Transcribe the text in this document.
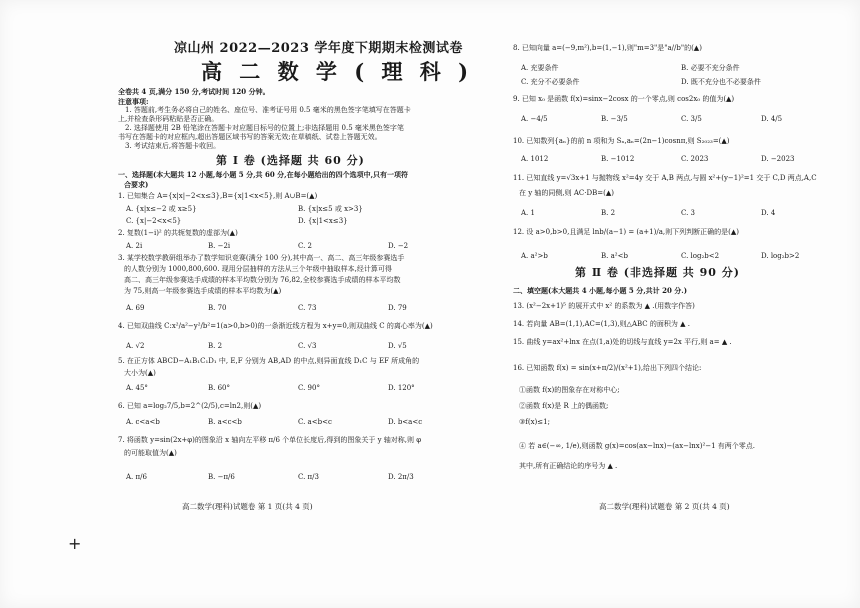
凉山州 2022—2023 学年度下期期末检测试卷
高 二 数 学 ( 理 科 )
全卷共 4 页,满分 150 分,考试时间 120 分钟。
注意事项:
1. 答题前,考生务必将自己的姓名、座位号、准考证号用 0.5 毫米的黑色签字笔填写在答题卡
上,并检查条形码粘贴是否正确。
2. 选择题使用 2B 铅笔涂在答题卡对应题目标号的位置上;非选择题用 0.5 毫米黑色签字笔
书写在答题卡的对应框内,超出答题区域书写的答案无效;在草稿纸、试卷上答题无效。
3. 考试结束后,将答题卡收回。
第 Ⅰ 卷 (选择题 共 60 分)
一、选择题(本大题共 12 小题,每小题 5 分,共 60 分,在每小题给出的四个选项中,只有一项符
合要求)
1. 已知集合 A={x|x|−2<x≤3},B={x|1<x<5},则 A∪B=(▲)
A. {x|x≤−2 或 x≥5}	B. {x|x≤5 或 x>3}
C. {x|−2<x<5}	D. {x|1<x≤3}
2. 复数(1−i)² 的共轭复数的虚部为(▲)
A. 2i	B. −2i	C. 2	D. −2
3. 某学校数学教研组举办了数学知识竞赛(满分 100 分),其中高一、高二、高三年级参赛选手
的人数分别为 1000,800,600. 现用分层抽样的方法从三个年级中抽取样本,经计算可得
高二、高三年级参赛选手成绩的样本平均数分别为 76,82,全校参赛选手成绩的样本平均数
为 75,则高一年级参赛选手成绩的样本平均数为(▲)
A. 69	B. 70	C. 73	D. 79
4. 已知双曲线 C:x²/a²−y²/b²=1(a>0,b>0)的一条渐近线方程为 x+y=0,则双曲线 C 的离心率为(▲)
A. √2	B. 2	C. √3	D. √5
5. 在正方体 ABCD−A₁B₁C₁D₁ 中, E,F 分别为 AB,AD 的中点,则异面直线 D₁C 与 EF 所成角的
大小为(▲)
A. 45°	B. 60°	C. 90°	D. 120°
6. 已知 a=log₂7/5,b=2^(2/5),c=ln2,则(▲)
A. c<a<b	B. a<c<b	C. a<b<c	D. b<a<c
7. 将函数 y=sin(2x+φ)的图象沿 x 轴向左平移 π/6 个单位长度后,得到的图象关于 y 轴对称,则 φ
的可能取值为(▲)
A. π/6	B. −π/6	C. π/3	D. 2π/3
高二数学(理科)试题卷 第 1 页(共 4 页)
8. 已知向量 a=(−9,m²),b=(1,−1),则"m=3"是"a//b"的(▲)
A. 充要条件	B. 必要不充分条件
C. 充分不必要条件	D. 既不充分也不必要条件
9. 已知 x₀ 是函数 f(x)=sinx−2cosx 的一个零点,则 cos2x₀ 的值为(▲)
A. −4/5	B. −3/5	C. 3/5	D. 4/5
10. 已知数列{aₙ}的前 n 项和为 Sₙ,aₙ=(2n−1)cosnπ,则 S₂₀₂₃=(▲)
A. 1012	B. −1012	C. 2023	D. −2023
11. 已知直线 y=√3x+1 与抛物线 x²=4y 交于 A,B 两点,与圆 x²+(y−1)²=1 交于 C,D 两点,A,C
在 y 轴的同侧,则 AC·DB=(▲)
A. 1	B. 2	C. 3	D. 4
12. 设 a>0,b>0,且满足 lnb/(a−1) = (a+1)/a,则下列判断正确的是(▲)
A. a²>b	B. a²<b	C. log₂b<2	D. log₂b>2
第 Ⅱ 卷 (非选择题 共 90 分)
二、填空题(本大题共 4 小题,每小题 5 分,共计 20 分.)
13. (x²−2x+1)⁵ 的展开式中 x² 的系数为 ▲ .(用数字作答)
14. 若向量 AB=(1,1),AC=(1,3),则△ABC 的面积为 ▲ .
15. 曲线 y=ax²+lnx 在点(1,a)处的切线与直线 y=2x 平行,则 a= ▲ .
16. 已知函数 f(x) = sin(x+π/2)/(x²+1),给出下列四个结论:
①函数 f(x)的图象存在对称中心;
②函数 f(x)是 R 上的偶函数;
③f(x)≤1;
④ 若 a∈(−∞, 1/e),则函数 g(x)=cos(ax−lnx)−(ax−lnx)²−1 有两个零点.
其中,所有正确结论的序号为 ▲ .
高二数学(理科)试题卷 第 2 页(共 4 页)
+
